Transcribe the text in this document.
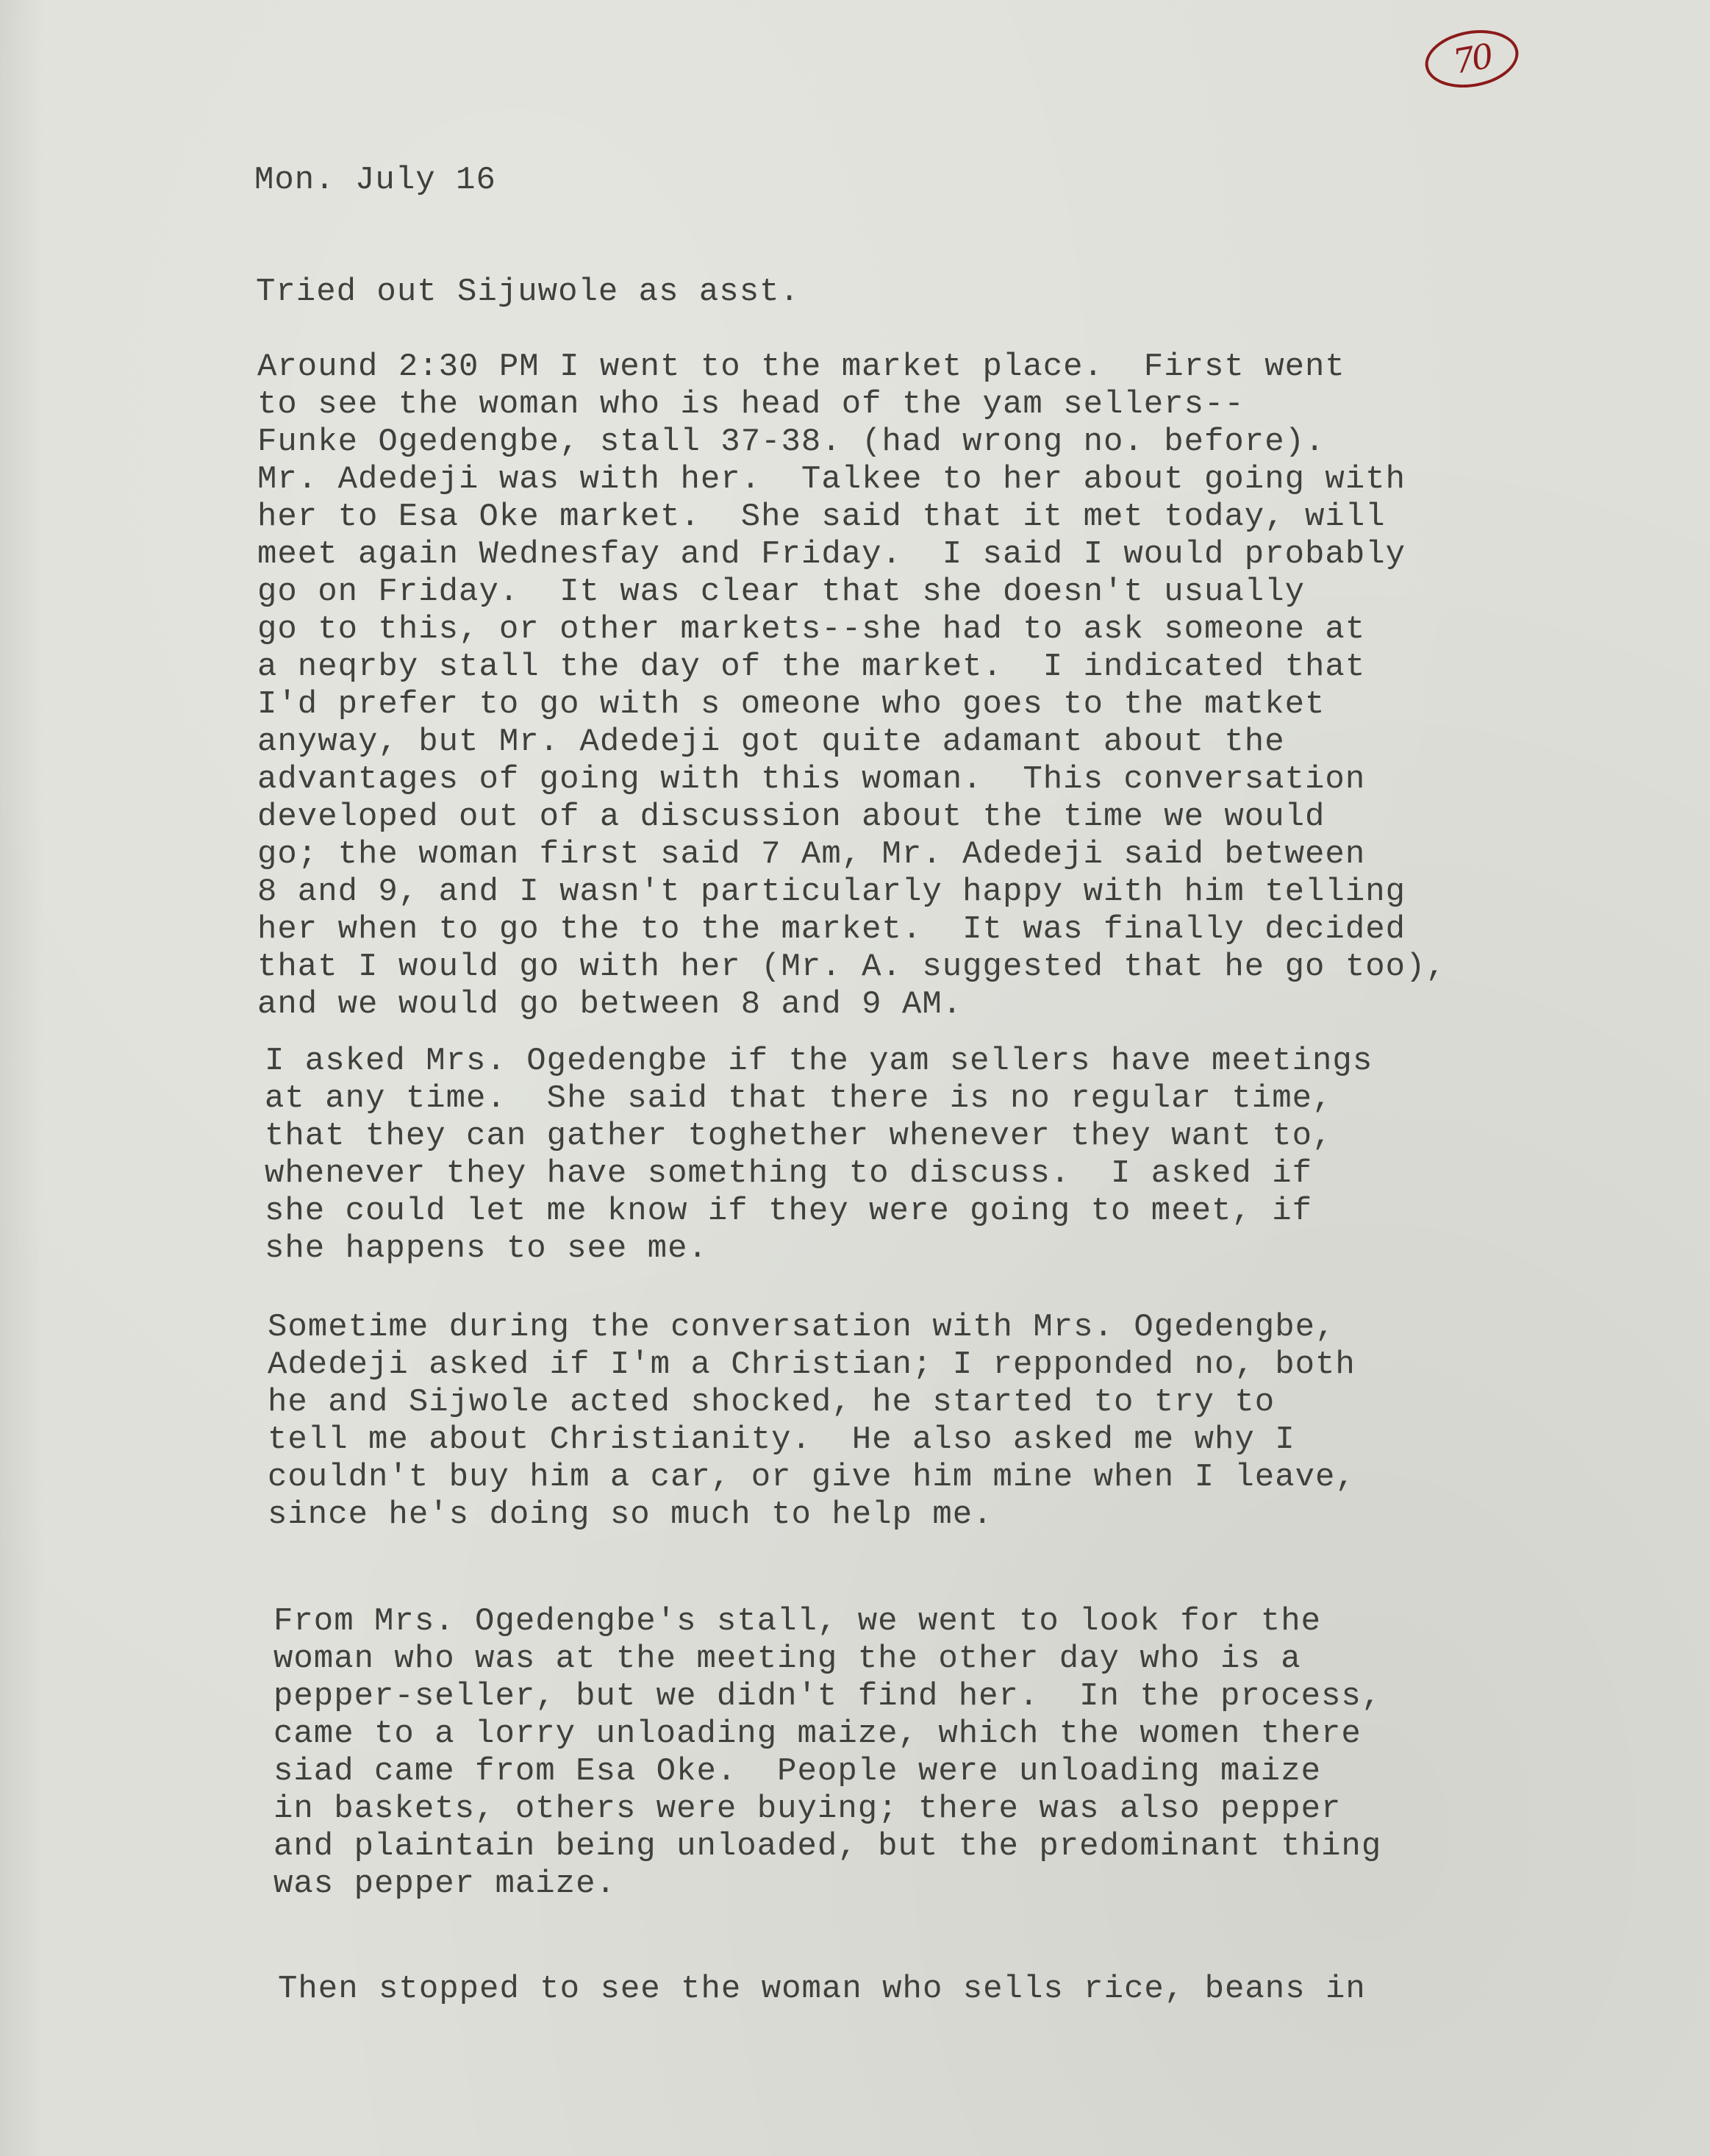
70
Mon. July 16

Tried out Sijuwole as asst.

Around 2:30 PM I went to the market place.  First went

to see the woman who is head of the yam sellers--

Funke Ogedengbe, stall 37-38. (had wrong no. before).

Mr. Adedeji was with her.  Talkee to her about going with

her to Esa Oke market.  She said that it met today, will

meet again Wednesfay and Friday.  I said I would probably

go on Friday.  It was clear that she doesn't usually

go to this, or other markets--she had to ask someone at

a neqrby stall the day of the market.  I indicated that

I'd prefer to go with s omeone who goes to the matket

anyway, but Mr. Adedeji got quite adamant about the

advantages of going with this woman.  This conversation

developed out of a discussion about the time we would

go; the woman first said 7 Am, Mr. Adedeji said between

8 and 9, and I wasn't particularly happy with him telling

her when to go the to the market.  It was finally decided

that I would go with her (Mr. A. suggested that he go too),

and we would go between 8 and 9 AM.

I asked Mrs. Ogedengbe if the yam sellers have meetings

at any time.  She said that there is no regular time,

that they can gather toghether whenever they want to,

whenever they have something to discuss.  I asked if

she could let me know if they were going to meet, if

she happens to see me.

Sometime during the conversation with Mrs. Ogedengbe,

Adedeji asked if I'm a Christian; I repponded no, both

he and Sijwole acted shocked, he started to try to

tell me about Christianity.  He also asked me why I

couldn't buy him a car, or give him mine when I leave,

since he's doing so much to help me.

From Mrs. Ogedengbe's stall, we went to look for the

woman who was at the meeting the other day who is a

pepper-seller, but we didn't find her.  In the process,

came to a lorry unloading maize, which the women there

siad came from Esa Oke.  People were unloading maize

in baskets, others were buying; there was also pepper

and plaintain being unloaded, but the predominant thing

was pepper maize.

Then stopped to see the woman who sells rice, beans in
